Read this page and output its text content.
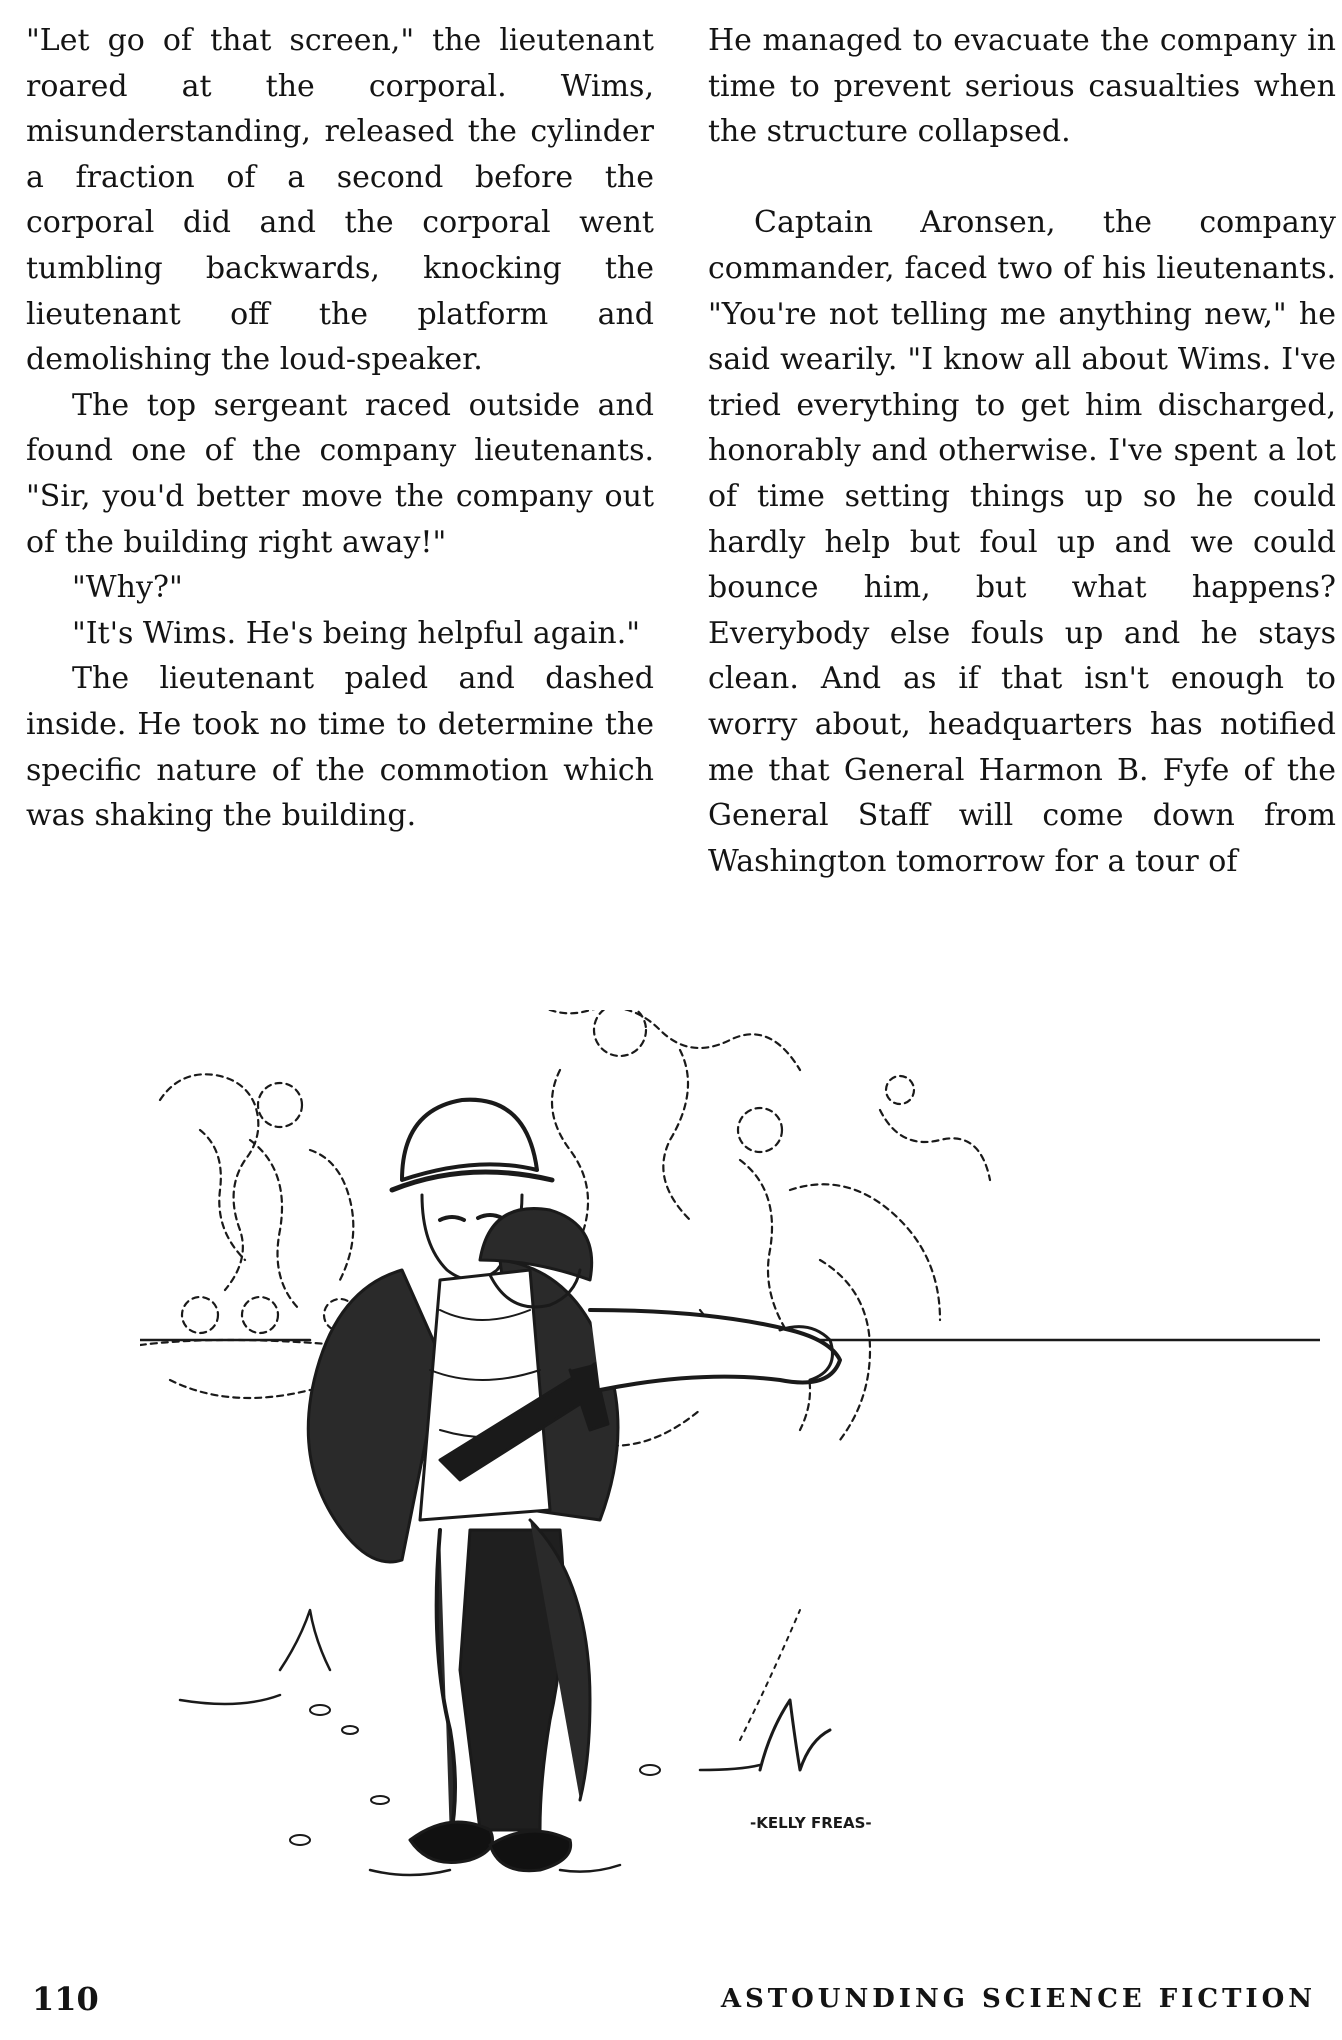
"Let go of that screen," the lieutenant roared at the corporal. Wims, misunderstanding, released the cylinder a fraction of a second before the corporal did and the corporal went tumbling backwards, knocking the lieutenant off the platform and demolishing the loud-speaker.

The top sergeant raced outside and found one of the company lieutenants. "Sir, you'd better move the company out of the building right away!"

"Why?"

"It's Wims. He's being helpful again."

The lieutenant paled and dashed inside. He took no time to determine the specific nature of the commotion which was shaking the building.

He managed to evacuate the company in time to prevent serious casualties when the structure collapsed.

Captain Aronsen, the company commander, faced two of his lieutenants. "You're not telling me anything new," he said wearily. "I know all about Wims. I've tried everything to get him discharged, honorably and otherwise. I've spent a lot of time setting things up so he could hardly help but foul up and we could bounce him, but what happens? Everybody else fouls up and he stays clean. And as if that isn't enough to worry about, headquarters has notified me that General Harmon B. Fyfe of the General Staff will come down from Washington tomorrow for a tour of

-KELLY FREAS-
110	ASTOUNDING SCIENCE FICTION
